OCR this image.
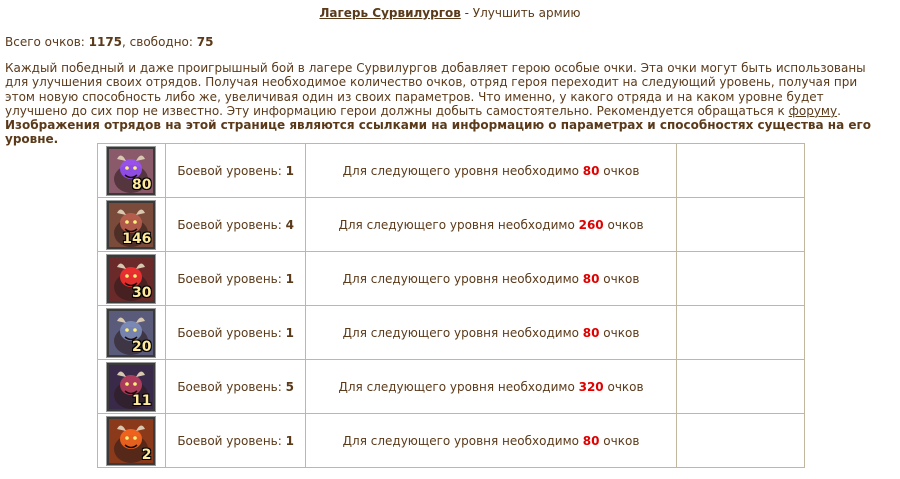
Лагерь Сурвилургов - Улучшить армию
Всего очков: 1175, свободно: 75
Каждый победный и даже проигрышный бой в лагере Сурвилургов добавляет герою особые очки. Эта очки могут быть использованы для улучшения своих отрядов. Получая необходимое количество очков, отряд героя переходит на следующий уровень, получая при этом новую способность либо же, увеличивая один из своих параметров. Что именно, у какого отряда и на каком уровне будет улучшено до сих пор не известно. Эту информацию герои должны добыть самостоятельно. Рекомендуется обращаться к форуму. Изображения отрядов на этой странице являются ссылками на информацию о параметрах и способностях существа на его уровне.
80	Боевой уровень: 1	Для следующего уровня необходимо 80 очков	

146	Боевой уровень: 4	Для следующего уровня необходимо 260 очков	

30	Боевой уровень: 1	Для следующего уровня необходимо 80 очков	

20	Боевой уровень: 1	Для следующего уровня необходимо 80 очков	

11	Боевой уровень: 5	Для следующего уровня необходимо 320 очков	

2	Боевой уровень: 1	Для следующего уровня необходимо 80 очков	
